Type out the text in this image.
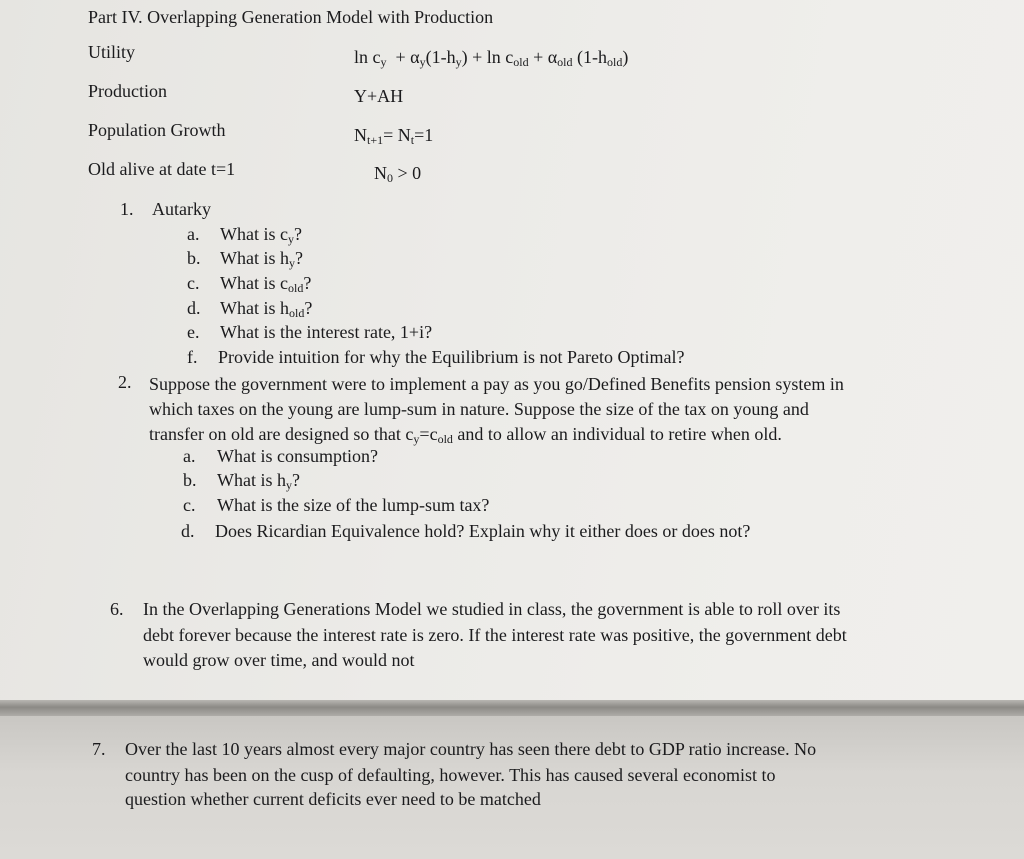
Part IV. Overlapping Generation Model with Production
Utility
Production
Population Growth
Old alive at date t=1
$\ln c_y + \alpha_y(1-h_y) + \ln c_{old} + \alpha_{old}$ $(1-h_{old})$
Y+AH
$N_{t+1}= N_t=1$
$N_0 > 0$
1. Autarky
a. What is $c_y$?
b. What is $h_y$?
c. What is $c_{old}$?
d. What is $h_{old}$?
e. What is the interest rate, 1+i?
f. Provide intuition for why the Equilibrium is not Pareto Optimal?
2. Suppose the government were to implement a pay as you go/Defined Benefits pension system in
which taxes on the young are lump-sum in nature. Suppose the size of the tax on young and
transfer on old are designed so that $c_y=c_{old}$ and to allow an individual to retire when old.
a. What is consumption?
b. What is $h_y$?
c. What is the size of the lump-sum tax?
d. Does Ricardian Equivalence hold? Explain why it either does or does not?
6. In the Overlapping Generations Model we studied in class, the government is able to roll over its
debt forever because the interest rate is zero. If the interest rate was positive, the government debt
would grow over time, and would not
7. Over the last 10 years almost every major country has seen there debt to GDP ratio increase. No
country has been on the cusp of defaulting, however. This has caused several economist to
question whether current deficits ever need to be matched
